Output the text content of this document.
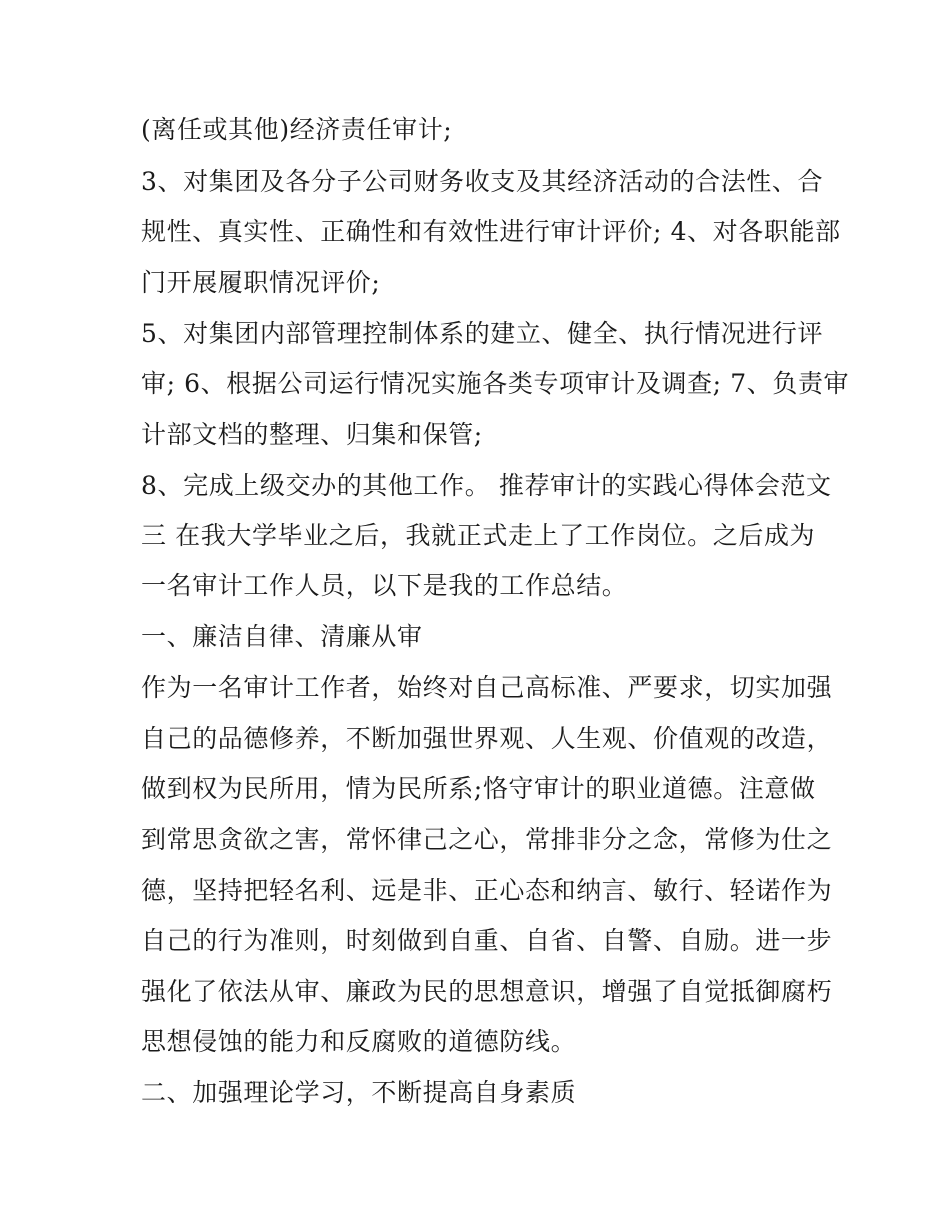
(离任或其他)经济责任审计;
3、对集团及各分子公司财务收支及其经济活动的合法性、合
规性、真实性、正确性和有效性进行审计评价; 4、对各职能部
门开展履职情况评价;
5、对集团内部管理控制体系的建立、健全、执行情况进行评
审; 6、根据公司运行情况实施各类专项审计及调查; 7、负责审
计部文档的整理、归集和保管;
8、完成上级交办的其他工作。 推荐审计的实践心得体会范文
三 在我大学毕业之后，我就正式走上了工作岗位。之后成为
一名审计工作人员，以下是我的工作总结。
一、廉洁自律、清廉从审
作为一名审计工作者，始终对自己高标准、严要求，切实加强
自己的品德修养，不断加强世界观、人生观、价值观的改造，
做到权为民所用，情为民所系;恪守审计的职业道德。注意做
到常思贪欲之害，常怀律己之心，常排非分之念，常修为仕之
德，坚持把轻名利、远是非、正心态和纳言、敏行、轻诺作为
自己的行为准则，时刻做到自重、自省、自警、自励。进一步
强化了依法从审、廉政为民的思想意识，增强了自觉抵御腐朽
思想侵蚀的能力和反腐败的道德防线。
二、加强理论学习，不断提高自身素质
